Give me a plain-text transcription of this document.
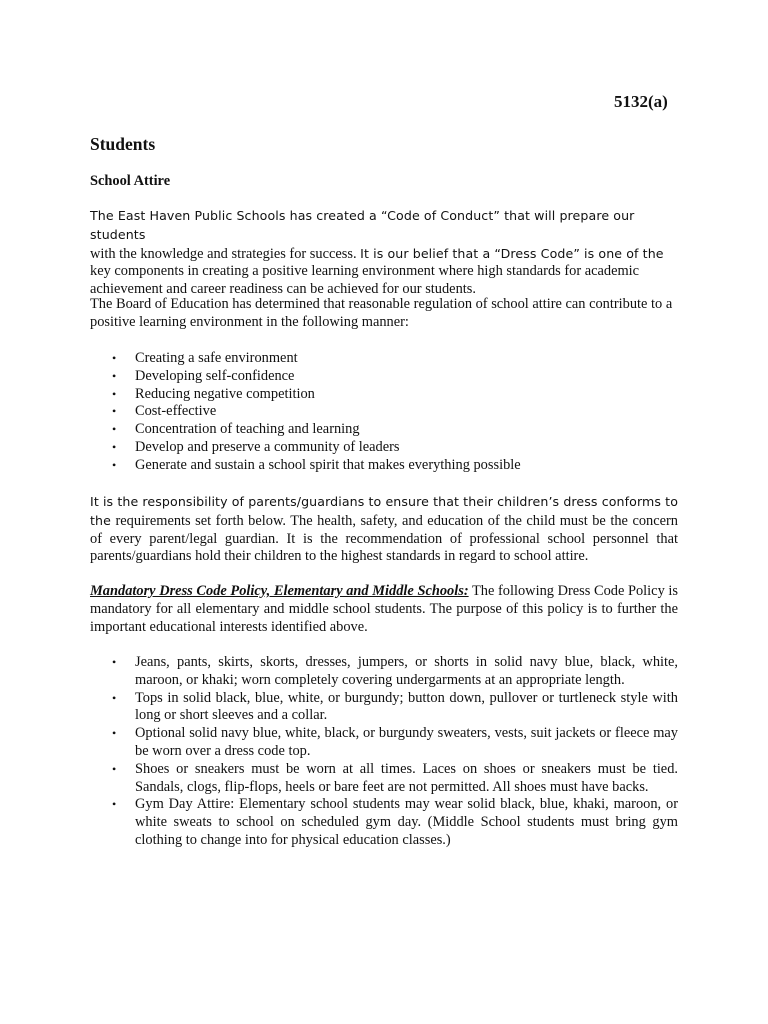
5132(a)
Students
School Attire

The East Haven Public Schools has created a “Code of Conduct” that will prepare our students
with the knowledge and strategies for success. It is our belief that a “Dress Code” is one of the
key components in creating a positive learning environment where high standards for academic achievement and career readiness can be achieved for our students.

The Board of Education has determined that reasonable regulation of school attire can contribute to a positive learning environment in the following manner:

• Creating a safe environment
• Developing self-confidence
• Reducing negative competition
• Cost-effective
• Concentration of teaching and learning
• Develop and preserve a community of leaders
• Generate and sustain a school spirit that makes everything possible

It is the responsibility of parents/guardians to ensure that their children’s dress conforms to the requirements set forth below. The health, safety, and education of the child must be the concern of every parent/legal guardian. It is the recommendation of professional school personnel that parents/guardians hold their children to the highest standards in regard to school attire.

Mandatory Dress Code Policy, Elementary and Middle Schools: The following Dress Code Policy is mandatory for all elementary and middle school students. The purpose of this policy is to further the important educational interests identified above.

• Jeans, pants, skirts, skorts, dresses, jumpers, or shorts in solid navy blue, black, white, maroon, or khaki; worn completely covering undergarments at an appropriate length.
• Tops in solid black, blue, white, or burgundy; button down, pullover or turtleneck style with long or short sleeves and a collar.
• Optional solid navy blue, white, black, or burgundy sweaters, vests, suit jackets or fleece may be worn over a dress code top.
• Shoes or sneakers must be worn at all times. Laces on shoes or sneakers must be tied. Sandals, clogs, flip-flops, heels or bare feet are not permitted. All shoes must have backs.
• Gym Day Attire: Elementary school students may wear solid black, blue, khaki, maroon, or white sweats to school on scheduled gym day. (Middle School students must bring gym clothing to change into for physical education classes.)
